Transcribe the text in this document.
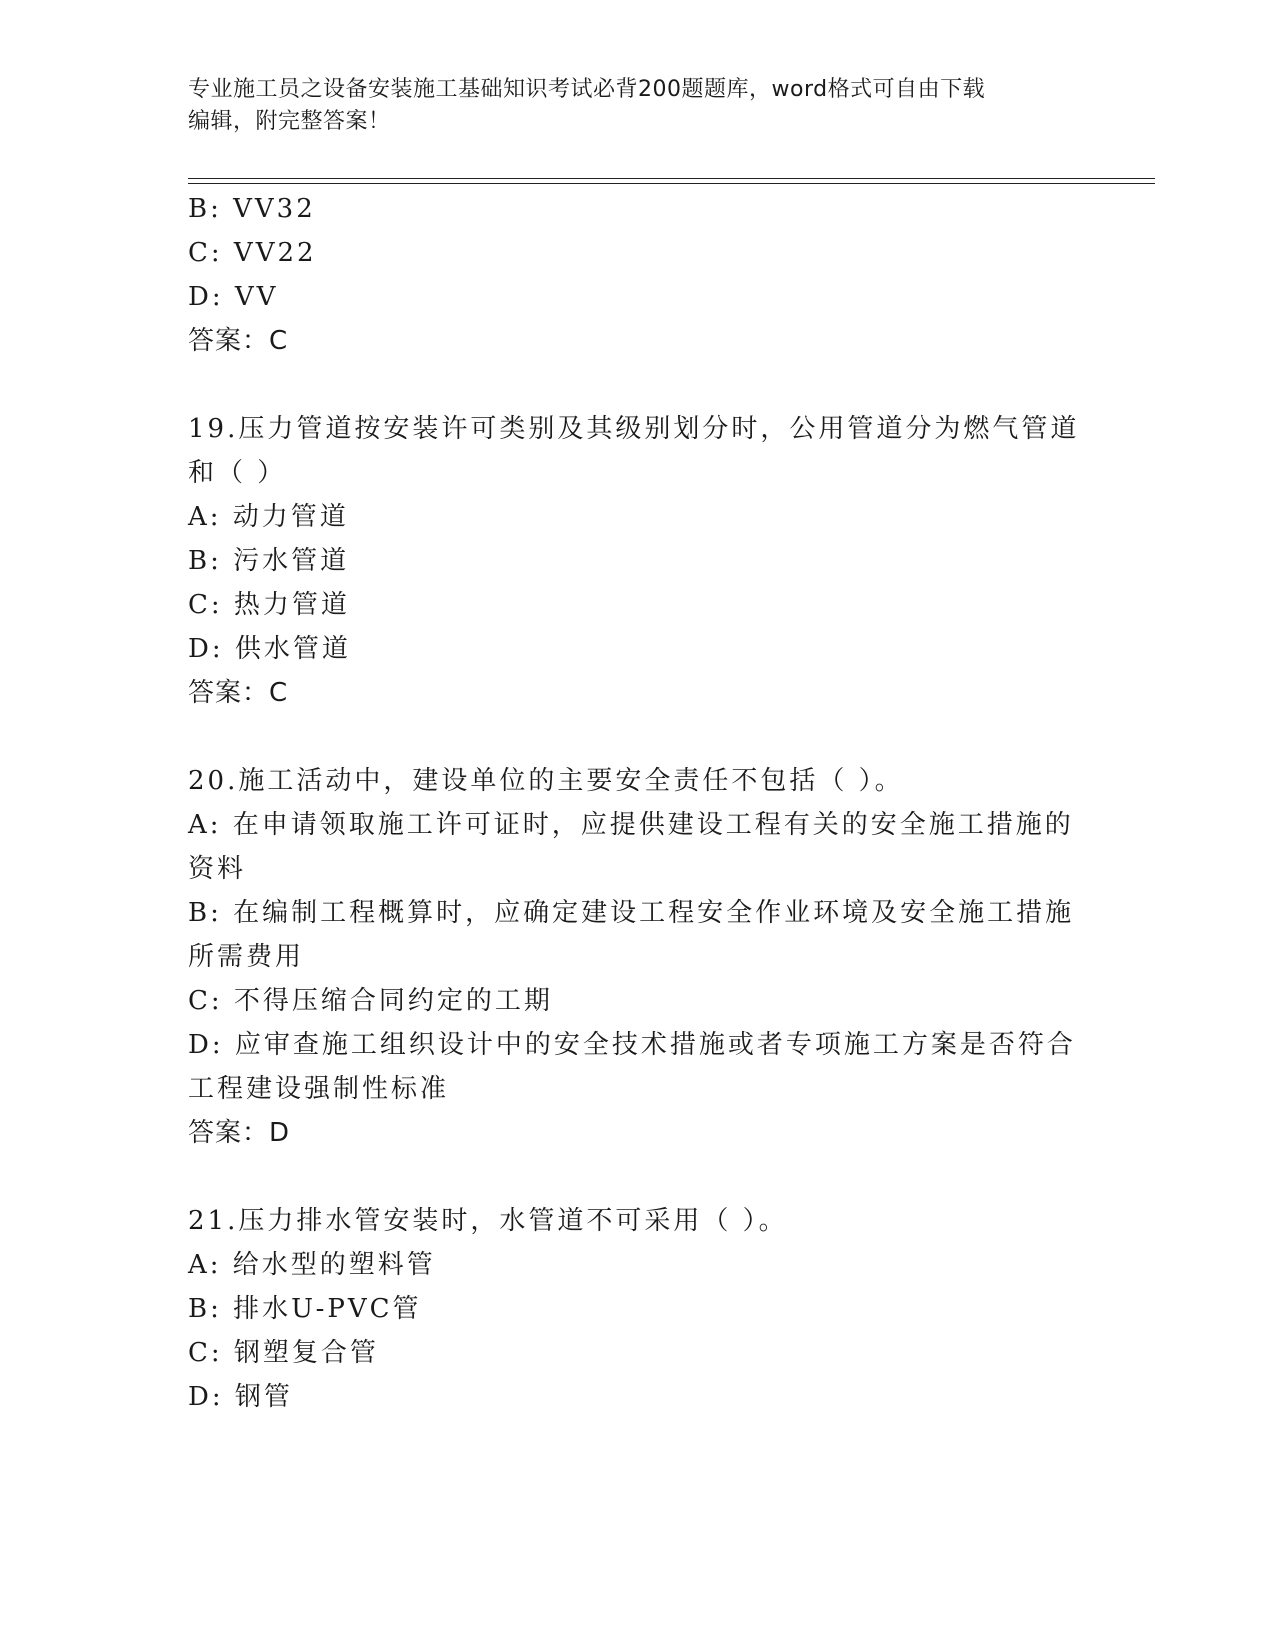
专业施工员之设备安装施工基础知识考试必背200题题库，word格式可自由下载
编辑，附完整答案！
B: VV32
C: VV22
D: VV
答案：C
19.压力管道按安装许可类别及其级别划分时，公用管道分为燃气管道
和（ ）
A: 动力管道
B: 污水管道
C: 热力管道
D: 供水管道
答案：C
20.施工活动中，建设单位的主要安全责任不包括（ ）。
A: 在申请领取施工许可证时，应提供建设工程有关的安全施工措施的
资料
B: 在编制工程概算时，应确定建设工程安全作业环境及安全施工措施
所需费用
C: 不得压缩合同约定的工期
D: 应审查施工组织设计中的安全技术措施或者专项施工方案是否符合
工程建设强制性标准
答案：D
21.压力排水管安装时，水管道不可采用（ ）。
A: 给水型的塑料管
B: 排水U-PVC管
C: 钢塑复合管
D: 钢管
